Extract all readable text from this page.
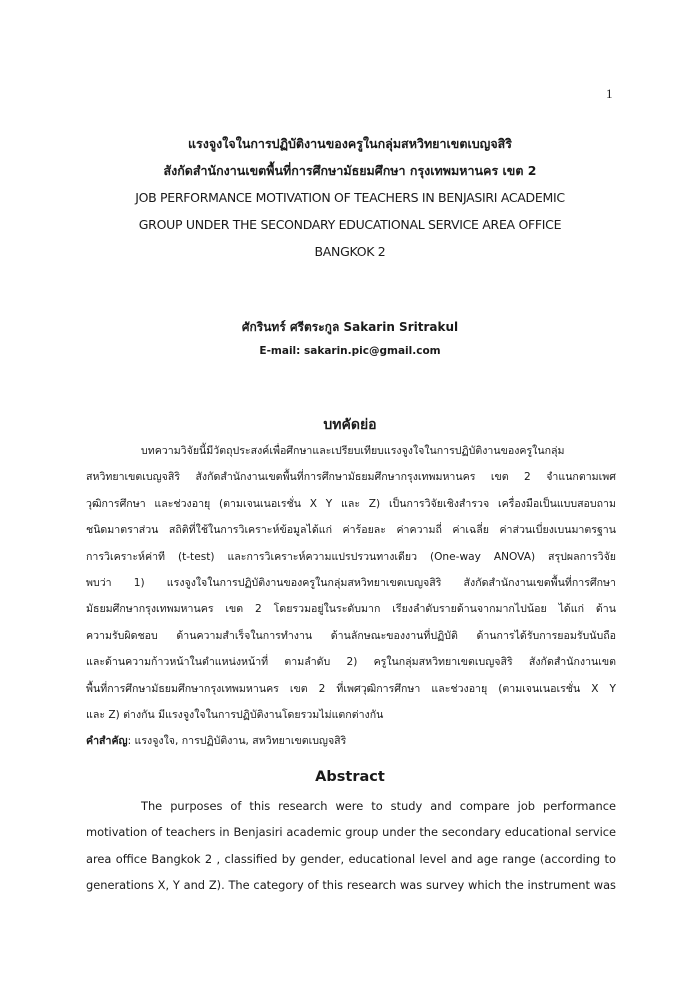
1
แรงจูงใจในการปฏิบัติงานของครูในกลุ่มสหวิทยาเขตเบญจสิริ
สังกัดสำนักงานเขตพื้นที่การศึกษามัธยมศึกษา กรุงเทพมหานคร เขต 2
JOB PERFORMANCE MOTIVATION OF TEACHERS IN BENJASIRI ACADEMIC
GROUP UNDER THE SECONDARY EDUCATIONAL SERVICE AREA OFFICE
BANGKOK 2
ศักรินทร์ ศรีตระกูล Sakarin Sritrakul
E-mail: sakarin.pic@gmail.com
บทคัดย่อ
บทความวิจัยนี้มีวัตถุประสงค์เพื่อศึกษาและเปรียบเทียบแรงจูงใจในการปฏิบัติงานของครูในกลุ่ม
สหวิทยาเขตเบญจสิริ สังกัดสำนักงานเขตพื้นที่การศึกษามัธยมศึกษากรุงเทพมหานคร เขต 2 จำแนกตามเพศ
วุฒิการศึกษา และช่วงอายุ (ตามเจนเนอเรชั่น X Y และ Z) เป็นการวิจัยเชิงสำรวจ เครื่องมือเป็นแบบสอบถาม
ชนิดมาตราส่วน สถิติที่ใช้ในการวิเคราะห์ข้อมูลได้แก่ ค่าร้อยละ ค่าความถี่ ค่าเฉลี่ย ค่าส่วนเบี่ยงเบนมาตรฐาน
การวิเคราะห์ค่าที (t-test) และการวิเคราะห์ความแปรปรวนทางเดียว (One-way ANOVA) สรุปผลการวิจัย
พบว่า 1) แรงจูงใจในการปฏิบัติงานของครูในกลุ่มสหวิทยาเขตเบญจสิริ สังกัดสำนักงานเขตพื้นที่การศึกษา
มัธยมศึกษากรุงเทพมหานคร เขต 2 โดยรวมอยู่ในระดับมาก เรียงลำดับรายด้านจากมากไปน้อย ได้แก่ ด้าน
ความรับผิดชอบ ด้านความสำเร็จในการทำงาน ด้านลักษณะของงานที่ปฏิบัติ ด้านการได้รับการยอมรับนับถือ
และด้านความก้าวหน้าในตำแหน่งหน้าที่ ตามลำดับ 2) ครูในกลุ่มสหวิทยาเขตเบญจสิริ สังกัดสำนักงานเขต
พื้นที่การศึกษามัธยมศึกษากรุงเทพมหานคร เขต 2 ที่เพศวุฒิการศึกษา และช่วงอายุ (ตามเจนเนอเรชั่น X Y
และ Z) ต่างกัน มีแรงจูงใจในการปฏิบัติงานโดยรวมไม่แตกต่างกัน
คำสำคัญ: แรงจูงใจ, การปฏิบัติงาน, สหวิทยาเขตเบญจสิริ
Abstract
The purposes of this research were to study and compare job performance
motivation of teachers in Benjasiri academic group under the secondary educational service
area office Bangkok 2 , classified by gender, educational level and age range (according to
generations X, Y and Z). The category of this research was survey which the instrument was
